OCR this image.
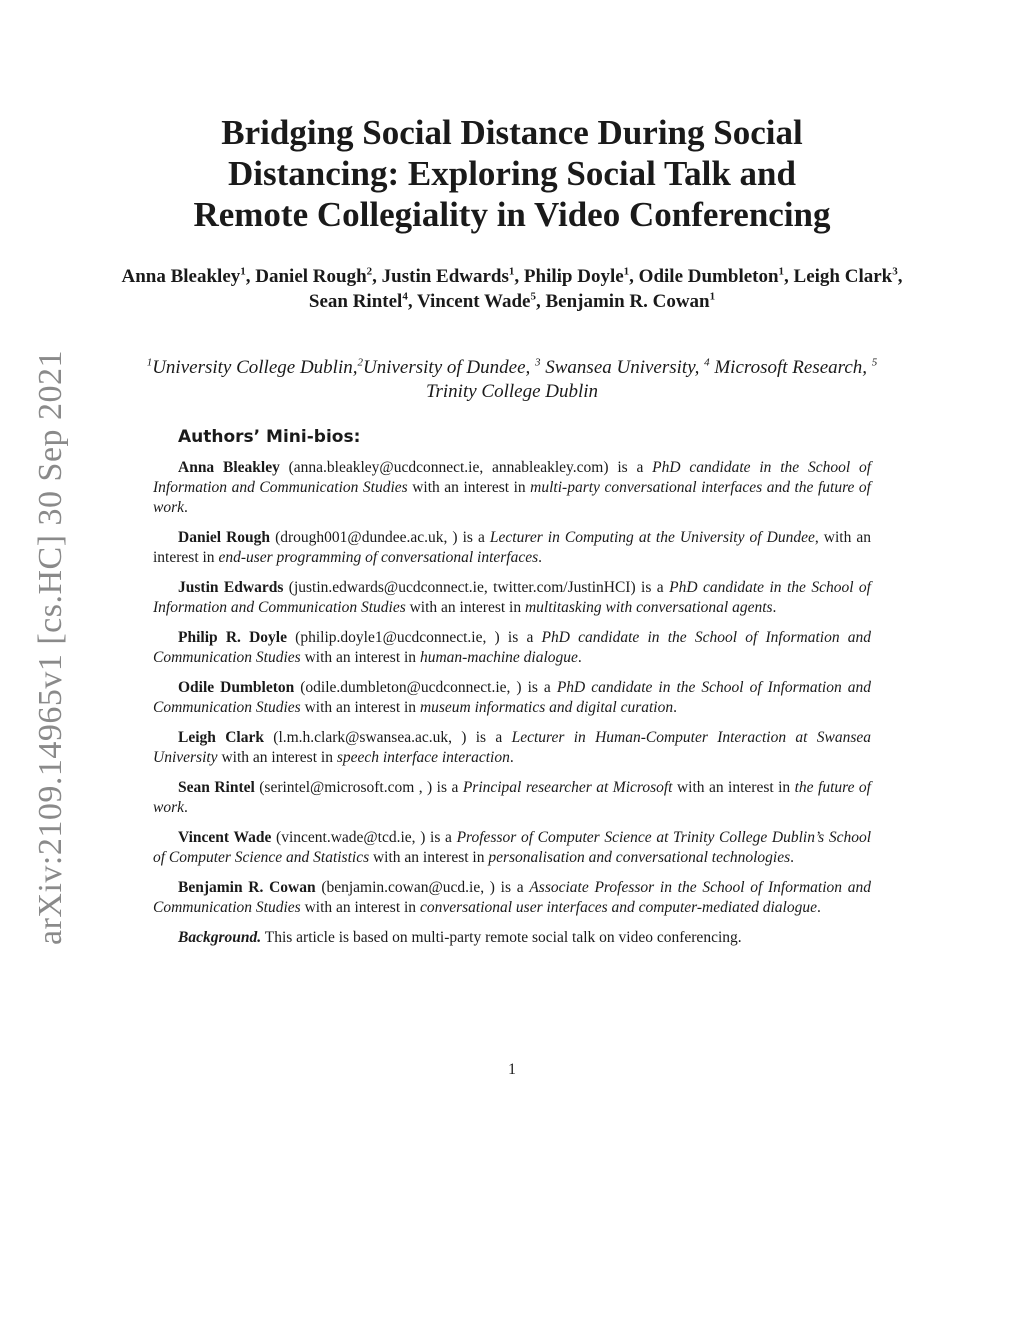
arXiv:2109.14965v1 [cs.HC] 30 Sep 2021
Bridging Social Distance During Social
Distancing: Exploring Social Talk and
Remote Collegiality in Video Conferencing
Anna Bleakley$^1$, Daniel Rough$^2$, Justin Edwards$^1$, Philip Doyle$^1$, Odile Dumbleton$^1$, Leigh Clark$^3$, Sean Rintel$^4$, Vincent Wade$^5$, Benjamin R. Cowan$^1$
$^1$University College Dublin,$^2$University of Dundee, $^3$ Swansea University, $^4$ Microsoft Research, $^5$ Trinity College Dublin
Authors’ Mini-bios:

Anna Bleakley (anna.bleakley@ucdconnect.ie, annableakley.com) is a PhD candidate in the School of Information and Communication Studies with an interest in multi-party conversational interfaces and the future of work.

Daniel Rough (drough001@dundee.ac.uk, ) is a Lecturer in Computing at the University of Dundee, with an interest in end-user programming of conversational interfaces.

Justin Edwards (justin.edwards@ucdconnect.ie, twitter.com/JustinHCI) is a PhD candidate in the School of Information and Communication Studies with an interest in multitasking with conversational agents.

Philip R. Doyle (philip.doyle1@ucdconnect.ie, ) is a PhD candidate in the School of Information and Communication Studies with an interest in human-machine dialogue.

Odile Dumbleton (odile.dumbleton@ucdconnect.ie, ) is a PhD candidate in the School of Information and Communication Studies with an interest in museum informatics and digital curation.

Leigh Clark (l.m.h.clark@swansea.ac.uk, ) is a Lecturer in Human-Computer Interaction at Swansea University with an interest in speech interface interaction.

Sean Rintel (serintel@microsoft.com , ) is a Principal researcher at Microsoft with an interest in the future of work.

Vincent Wade (vincent.wade@tcd.ie, ) is a Professor of Computer Science at Trinity College Dublin’s School of Computer Science and Statistics with an interest in personalisation and conversational technologies.

Benjamin R. Cowan (benjamin.cowan@ucd.ie, ) is a Associate Professor in the School of Information and Communication Studies with an interest in conversational user interfaces and computer-mediated dialogue.

Background. This article is based on multi-party remote social talk on video conferencing.

1
